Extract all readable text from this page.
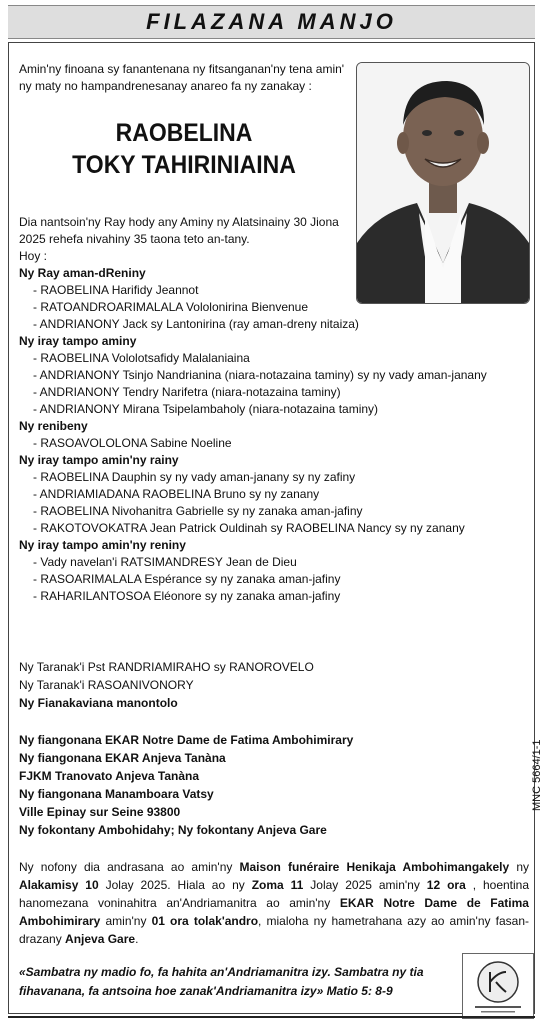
FILAZANA MANJO
Amin'ny finoana sy fanantenana ny fitsanganan'ny tena amin' ny maty no hampandrenesanay anareo fa ny zanakay :
RAOBELINA
TOKY TAHIRINIAINA
Dia nantsoin'ny Ray hody any Aminy ny Alatsinainy 30 Jiona 2025 rehefa nivahiny 35 taona teto an-tany.
Hoy :
Ny Ray aman-dReniny
- RAOBELINA Harifidy Jeannot
- RATOANDROARIMALALA Vololonirina Bienvenue
- ANDRIANONY Jack sy Lantonirina (ray aman-dreny nitaiza)
Ny iray tampo aminy
- RAOBELINA Vololotsafidy Malalaniaina
- ANDRIANONY Tsinjo Nandrianina (niara-notazaina taminy) sy ny vady aman-janany
- ANDRIANONY Tendry Narifetra (niara-notazaina taminy)
- ANDRIANONY Mirana Tsipelambaholy (niara-notazaina taminy)
Ny renibeny
- RASOAVOLOLONA Sabine Noeline
Ny iray tampo amin'ny rainy
- RAOBELINA Dauphin sy ny vady aman-janany sy ny zafiny
- ANDRIAMIADANA RAOBELINA Bruno sy ny zanany
- RAOBELINA Nivohanitra Gabrielle sy ny zanaka aman-jafiny
- RAKOTOVOKATRA Jean Patrick Ouldinah sy RAOBELINA Nancy sy ny zanany
Ny iray tampo amin'ny reniny
- Vady navelan'i RATSIMANDRESY Jean de Dieu
- RASOARIMALALA Espérance sy ny zanaka aman-jafiny
- RAHARILANTOSOA Eléonore sy ny zanaka aman-jafiny
Ny Taranak'i Pst RANDRIAMIRAHO sy RANOROVELO
Ny Taranak'i RASOANIVONORY
Ny Fianakaviana manontolo
Ny fiangonana EKAR Notre Dame de Fatima Ambohimirary
Ny fiangonana EKAR Anjeva Tanàna
FJKM Tranovato Anjeva Tanàna
Ny fiangonana Manamboara Vatsy
Ville Epinay sur Seine 93800
Ny fokontany Ambohidahy; Ny fokontany Anjeva Gare
MNC 5664/1-1
Ny nofony dia andrasana ao amin'ny Maison funéraire Henikaja Ambohimangakely ny Alakamisy 10 Jolay 2025. Hiala ao ny Zoma 11 Jolay 2025 amin'ny 12 ora , hoentina hanomezana voninahitra an'Andriamanitra ao amin'ny EKAR Notre Dame de Fatima Ambohimirary amin'ny 01 ora tolak'andro, mialoha ny hametrahana azy ao amin'ny fasan-drazany Anjeva Gare.
«Sambatra ny madio fo, fa hahita an'Andriamanitra izy. Sambatra ny tia fihavanana, fa antsoina hoe zanak'Andriamanitra izy» Matio 5: 8-9
